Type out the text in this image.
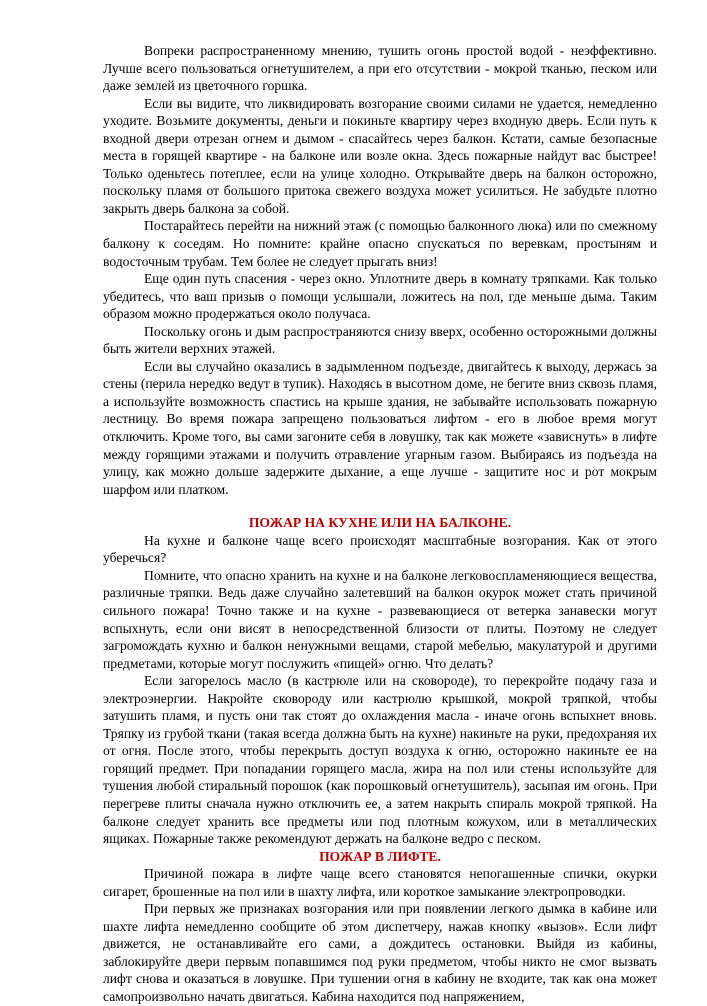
Вопреки распространенному мнению, тушить огонь простой водой - неэффективно. Лучше всего пользоваться огнетушителем, а при его отсутствии - мокрой тканью, песком или даже землей из цветочного горшка.

Если вы видите, что ликвидировать возгорание своими силами не удается, немедленно уходите. Возьмите документы, деньги и покиньте квартиру через входную дверь. Если путь к входной двери отрезан огнем и дымом - спасайтесь через балкон. Кстати, самые безопасные места в горящей квартире - на балконе или возле окна. Здесь пожарные найдут вас быстрее! Только оденьтесь потеплее, если на улице холодно. Открывайте дверь на балкон осторожно, поскольку пламя от большого притока свежего воздуха может усилиться. Не забудьте плотно закрыть дверь балкона за собой.

Постарайтесь перейти на нижний этаж (с помощью балконного люка) или по смежному балкону к соседям. Но помните: крайне опасно спускаться по веревкам, простыням и водосточным трубам. Тем более не следует прыгать вниз!

Еще один путь спасения - через окно. Уплотните дверь в комнату тряпками. Как только убедитесь, что ваш призыв о помощи услышали, ложитесь на пол, где меньше дыма. Таким образом можно продержаться около получаса.

Поскольку огонь и дым распространяются снизу вверх, особенно осторожными должны быть жители верхних этажей.

Если вы случайно оказались в задымленном подъезде, двигайтесь к выходу, держась за стены (перила нередко ведут в тупик). Находясь в высотном доме, не бегите вниз сквозь пламя, а используйте возможность спастись на крыше здания, не забывайте использовать пожарную лестницу. Во время пожара запрещено пользоваться лифтом - его в любое время могут отключить. Кроме того, вы сами загоните себя в ловушку, так как можете «зависнуть» в лифте между горящими этажами и получить отравление угарным газом. Выбираясь из подъезда на улицу, как можно дольше задержите дыхание, а еще лучше - защитите нос и рот мокрым шарфом или платком.

ПОЖАР НА КУХНЕ ИЛИ НА БАЛКОНЕ.

На кухне и балконе чаще всего происходят масштабные возгорания. Как от этого уберечься?

Помните, что опасно хранить на кухне и на балконе легковоспламеняющиеся вещества, различные тряпки. Ведь даже случайно залетевший на балкон окурок может стать причиной сильного пожара! Точно также и на кухне - развевающиеся от ветерка занавески могут вспыхнуть, если они висят в непосредственной близости от плиты. Поэтому не следует загромождать кухню и балкон ненужными вещами, старой мебелью, макулатурой и другими предметами, которые могут послужить «пищей» огню. Что делать?

Если загорелось масло (в кастрюле или на сковороде), то перекройте подачу газа и электроэнергии. Накройте сковороду или кастрюлю крышкой, мокрой тряпкой, чтобы затушить пламя, и пусть они так стоят до охлаждения масла - иначе огонь вспыхнет вновь. Тряпку из грубой ткани (такая всегда должна быть на кухне) накиньте на руки, предохраняя их от огня. После этого, чтобы перекрыть доступ воздуха к огню, осторожно накиньте ее на горящий предмет. При попадании горящего масла, жира на пол или стены используйте для тушения любой стиральный порошок (как порошковый огнетушитель), засыпая им огонь. При перегреве плиты сначала нужно отключить ее, а затем накрыть спираль мокрой тряпкой. На балконе следует хранить все предметы или под плотным кожухом, или в металлических ящиках. Пожарные также рекомендуют держать на балконе ведро с песком.

ПОЖАР В ЛИФТЕ.

Причиной пожара в лифте чаще всего становятся непогашенные спички, окурки сигарет, брошенные на пол или в шахту лифта, или короткое замыкание электропроводки.

При первых же признаках возгорания или при появлении легкого дымка в кабине или шахте лифта немедленно сообщите об этом диспетчеру, нажав кнопку «вызов». Если лифт движется, не останавливайте его сами, а дождитесь остановки. Выйдя из кабины, заблокируйте двери первым попавшимся под руки предметом, чтобы никто не смог вызвать лифт снова и оказаться в ловушке. При тушении огня в кабину не входите, так как она может самопроизвольно начать двигаться. Кабина находится под напряжением,
